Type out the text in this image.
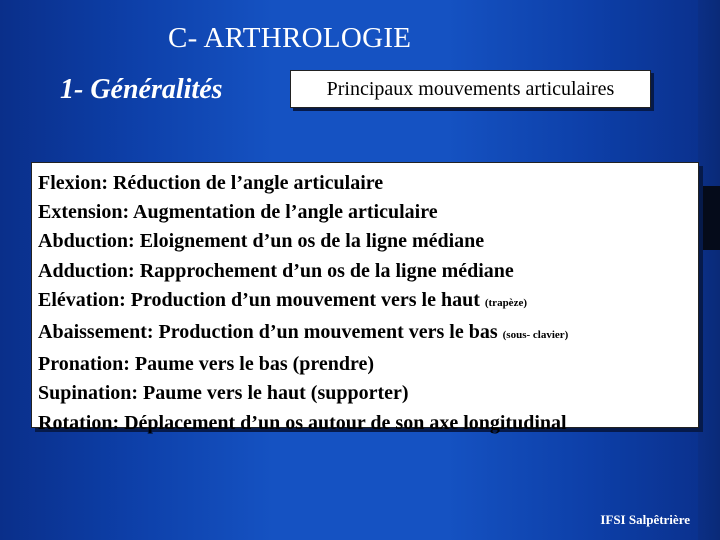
C- ARTHROLOGIE
1- Généralités	Principaux mouvements articulaires
Flexion: Réduction de l’angle articulaire
Extension: Augmentation de l’angle articulaire
Abduction: Eloignement d’un os de la ligne médiane
Adduction: Rapprochement d’un os de la ligne médiane
Elévation: Production d’un mouvement vers le haut (trapèze)
Abaissement: Production d’un mouvement vers le bas (sous- clavier)
Pronation: Paume vers le bas (prendre)
Supination: Paume vers le haut (supporter)
Rotation: Déplacement d’un os autour de son axe longitudinal
IFSI Salpêtrière
